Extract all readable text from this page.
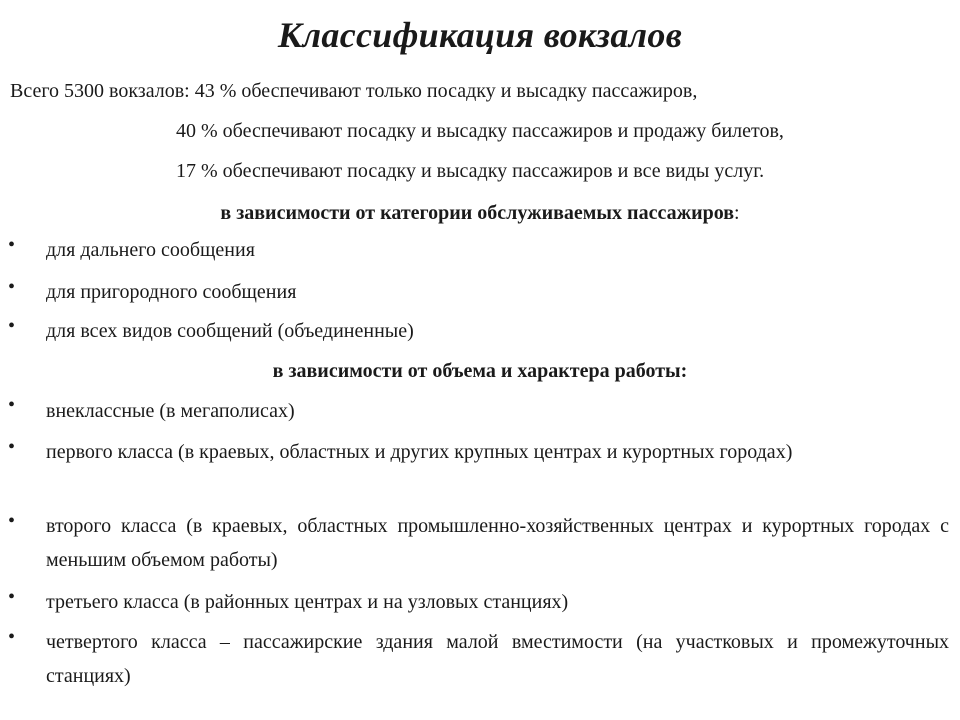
Классификация вокзалов
Всего 5300 вокзалов: 43 % обеспечивают только посадку и высадку пассажиров,
40 % обеспечивают посадку и высадку пассажиров и продажу билетов,
17 % обеспечивают посадку и высадку пассажиров и все виды услуг.
в зависимости от категории обслуживаемых пассажиров:
• для дальнего сообщения
• для пригородного сообщения
• для всех видов сообщений (объединенные)
в зависимости от объема и характера работы:
• внеклассные (в мегаполисах)
• первого класса (в краевых, областных и других крупных центрах и курортных городах)
• второго класса (в краевых, областных промышленно-хозяйственных центрах и курортных городах с меньшим объемом работы)
• третьего класса (в районных центрах и на узловых станциях)
• четвертого класса – пассажирские здания малой вместимости (на участковых и промежуточных станциях)
